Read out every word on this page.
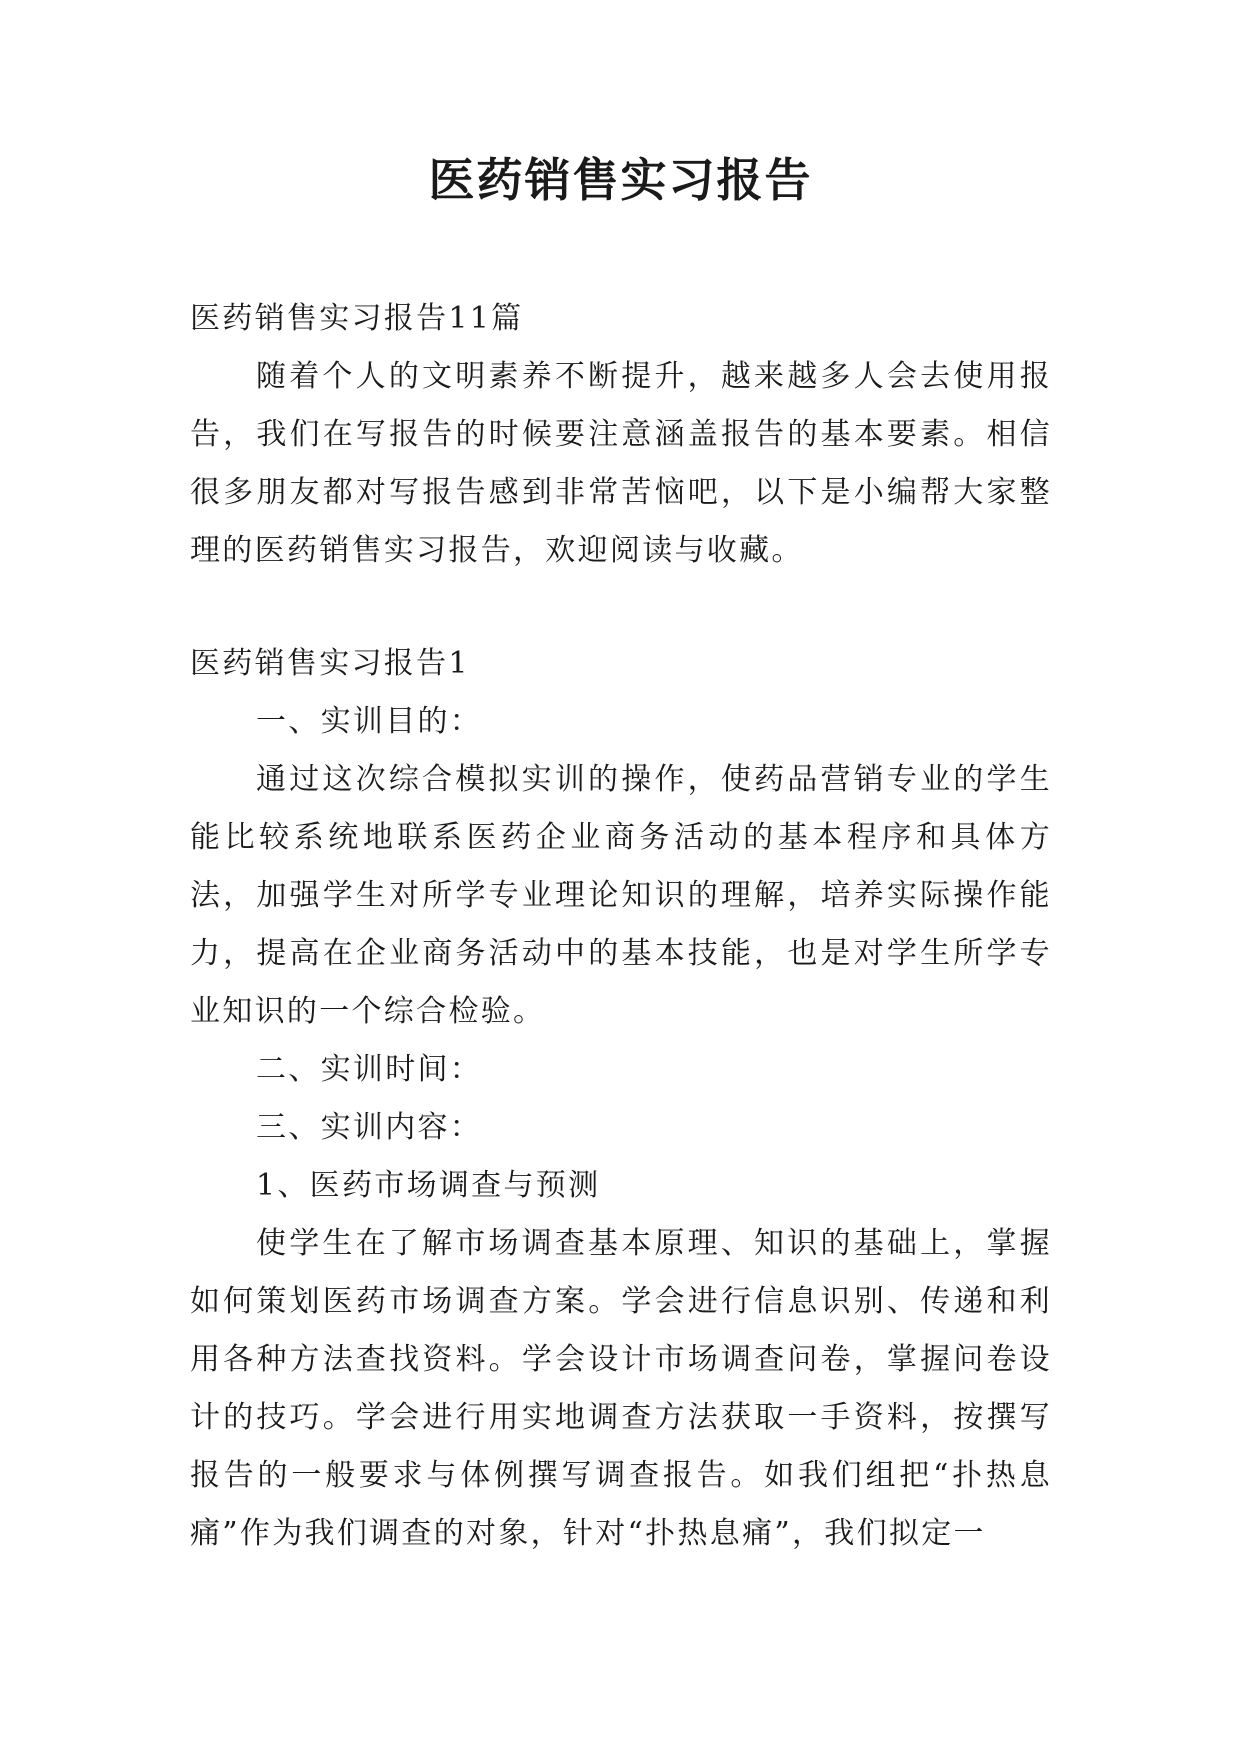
医药销售实习报告

医药销售实习报告11篇

随着个人的文明素养不断提升，越来越多人会去使用报告，我们在写报告的时候要注意涵盖报告的基本要素。相信很多朋友都对写报告感到非常苦恼吧，以下是小编帮大家整理的医药销售实习报告，欢迎阅读与收藏。

医药销售实习报告1

一、实训目的：

通过这次综合模拟实训的操作，使药品营销专业的学生能比较系统地联系医药企业商务活动的基本程序和具体方法，加强学生对所学专业理论知识的理解，培养实际操作能力，提高在企业商务活动中的基本技能，也是对学生所学专业知识的一个综合检验。

二、实训时间：

三、实训内容：

1、医药市场调查与预测

使学生在了解市场调查基本原理、知识的基础上，掌握如何策划医药市场调查方案。学会进行信息识别、传递和利用各种方法查找资料。学会设计市场调查问卷，掌握问卷设计的技巧。学会进行用实地调查方法获取一手资料，按撰写报告的一般要求与体例撰写调查报告。如我们组把“扑热息痛”作为我们调查的对象，针对“扑热息痛”，我们拟定一
